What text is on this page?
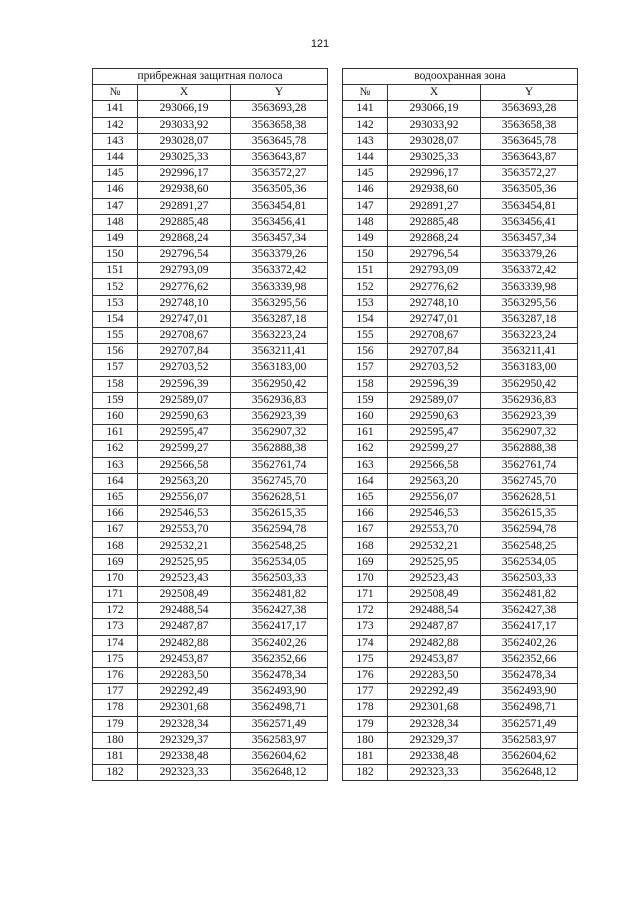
121
прибрежная защитная полоса		
№	X	Y
141	293066,19	3563693,28
142	293033,92	3563658,38
143	293028,07	3563645,78
144	293025,33	3563643,87
145	292996,17	3563572,27
146	292938,60	3563505,36
147	292891,27	3563454,81
148	292885,48	3563456,41
149	292868,24	3563457,34
150	292796,54	3563379,26
151	292793,09	3563372,42
152	292776,62	3563339,98
153	292748,10	3563295,56
154	292747,01	3563287,18
155	292708,67	3563223,24
156	292707,84	3563211,41
157	292703,52	3563183,00
158	292596,39	3562950,42
159	292589,07	3562936,83
160	292590,63	3562923,39
161	292595,47	3562907,32
162	292599,27	3562888,38
163	292566,58	3562761,74
164	292563,20	3562745,70
165	292556,07	3562628,51
166	292546,53	3562615,35
167	292553,70	3562594,78
168	292532,21	3562548,25
169	292525,95	3562534,05
170	292523,43	3562503,33
171	292508,49	3562481,82
172	292488,54	3562427,38
173	292487,87	3562417,17
174	292482,88	3562402,26
175	292453,87	3562352,66
176	292283,50	3562478,34
177	292292,49	3562493,90
178	292301,68	3562498,71
179	292328,34	3562571,49
180	292329,37	3562583,97
181	292338,48	3562604,62
182	292323,33	3562648,12
водоохранная зона		
№	X	Y
141	293066,19	3563693,28
142	293033,92	3563658,38
143	293028,07	3563645,78
144	293025,33	3563643,87
145	292996,17	3563572,27
146	292938,60	3563505,36
147	292891,27	3563454,81
148	292885,48	3563456,41
149	292868,24	3563457,34
150	292796,54	3563379,26
151	292793,09	3563372,42
152	292776,62	3563339,98
153	292748,10	3563295,56
154	292747,01	3563287,18
155	292708,67	3563223,24
156	292707,84	3563211,41
157	292703,52	3563183,00
158	292596,39	3562950,42
159	292589,07	3562936,83
160	292590,63	3562923,39
161	292595,47	3562907,32
162	292599,27	3562888,38
163	292566,58	3562761,74
164	292563,20	3562745,70
165	292556,07	3562628,51
166	292546,53	3562615,35
167	292553,70	3562594,78
168	292532,21	3562548,25
169	292525,95	3562534,05
170	292523,43	3562503,33
171	292508,49	3562481,82
172	292488,54	3562427,38
173	292487,87	3562417,17
174	292482,88	3562402,26
175	292453,87	3562352,66
176	292283,50	3562478,34
177	292292,49	3562493,90
178	292301,68	3562498,71
179	292328,34	3562571,49
180	292329,37	3562583,97
181	292338,48	3562604,62
182	292323,33	3562648,12
